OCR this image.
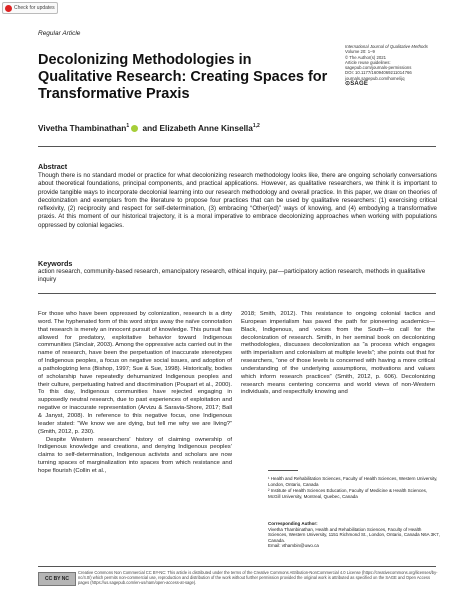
Check for updates
Regular Article
International Journal of Qualitative Methods
Volume 20: 1–9
© The Author(s) 2021
Article reuse guidelines:
sagepub.com/journals-permissions
DOI: 10.1177/16094069211014766
journals.sagepub.com/home/ijq
⊙SAGE
Decolonizing Methodologies in Qualitative Research: Creating Spaces for Transformative Praxis
Vivetha Thambinathan$^1$ and Elizabeth Anne Kinsella$^{1,2}$
Abstract
Though there is no standard model or practice for what decolonizing research methodology looks like, there are ongoing scholarly conversations about theoretical foundations, principal components, and practical applications. However, as qualitative researchers, we think it is important to provide tangible ways to incorporate decolonial learning into our research methodology and overall practice. In this paper, we draw on theories of decolonization and exemplars from the literature to propose four practices that can be used by qualitative researchers: (1) exercising critical reflexivity, (2) reciprocity and respect for self-determination, (3) embracing “Other(ed)” ways of knowing, and (4) embodying a transformative praxis. At this moment of our historical trajectory, it is a moral imperative to embrace decolonizing approaches when working with populations oppressed by colonial legacies.
Keywords
action research, community-based research, emancipatory research, ethical inquiry, par—participatory action research, methods in qualitative inquiry

For those who have been oppressed by colonization, research is a dirty word. The hyphenated form of this word strips away the naïve connotation that research is merely an innocent pursuit of knowledge. This pursuit has allowed for predatory, exploitative behavior toward Indigenous communities (Sinclair, 2003). Among the oppressive acts carried out in the name of research, have been the perpetuation of inaccurate stereotypes of Indigenous peoples, a focus on negative social issues, and adoption of a pathologizing lens (Bishop, 1997; Sue & Sue, 1998). Historically, bodies of scholarship have repeatedly dehumanized Indigenous peoples and their culture, perpetuating hatred and discrimination (Poupart et al., 2000). To this day, Indigenous communities have rejected engaging in supposedly neutral research, due to past experiences of exploitation and negative or inaccurate representation (Arvizu & Saravia-Shore, 2017; Ball & Janyst, 2008). In reference to this negative focus, one Indigenous leader stated: “We know we are dying, but tell me why we are living?” (Smith, 2012, p. 230).

Despite Western researchers’ history of claiming ownership of Indigenous knowledge and creations, and denying Indigenous peoples’ claims to self-determination, Indigenous activists and scholars are now turning spaces of marginalization into spaces from which resistance and hope flourish (Collin et al.,

2018; Smith, 2012). This resistance to ongoing colonial tactics and European imperialism has paved the path for pioneering academics—Black, Indigenous, and voices from the South—to call for the decolonization of research. Smith, in her seminal book on decolonizing methodologies, discusses decolonization as “a process which engages with imperialism and colonialism at multiple levels”; she points out that for researchers, “one of those levels is concerned with having a more critical understanding of the underlying assumptions, motivations and values which inform research practices” (Smith, 2012, p. 606). Decolonizing research means centering concerns and world views of non-Western individuals, and respectfully knowing and

¹ Health and Rehabilitation Sciences, Faculty of Health Sciences, Western University, London, Ontario, Canada
² Institute of Health Sciences Education, Faculty of Medicine & Health Sciences, McGill University, Montreal, Quebec, Canada
Corresponding Author:
Vivetha Thambinathan, Health and Rehabilitation Sciences, Faculty of Health Sciences, Western University, 1151 Richmond St., London, Ontario, Canada N6A 3K7, Canada.
Email: vthambin@uwo.ca
CC BY NC
Creative Commons Non Commercial CC BY-NC: This article is distributed under the terms of the Creative Commons Attribution-NonCommercial 4.0 License (https://creativecommons.org/licenses/by-nc/4.0/) which permits non-commercial use, reproduction and distribution of the work without further permission provided the original work is attributed as specified on the SAGE and Open Access pages (https://us.sagepub.com/en-us/nam/open-access-at-sage).
